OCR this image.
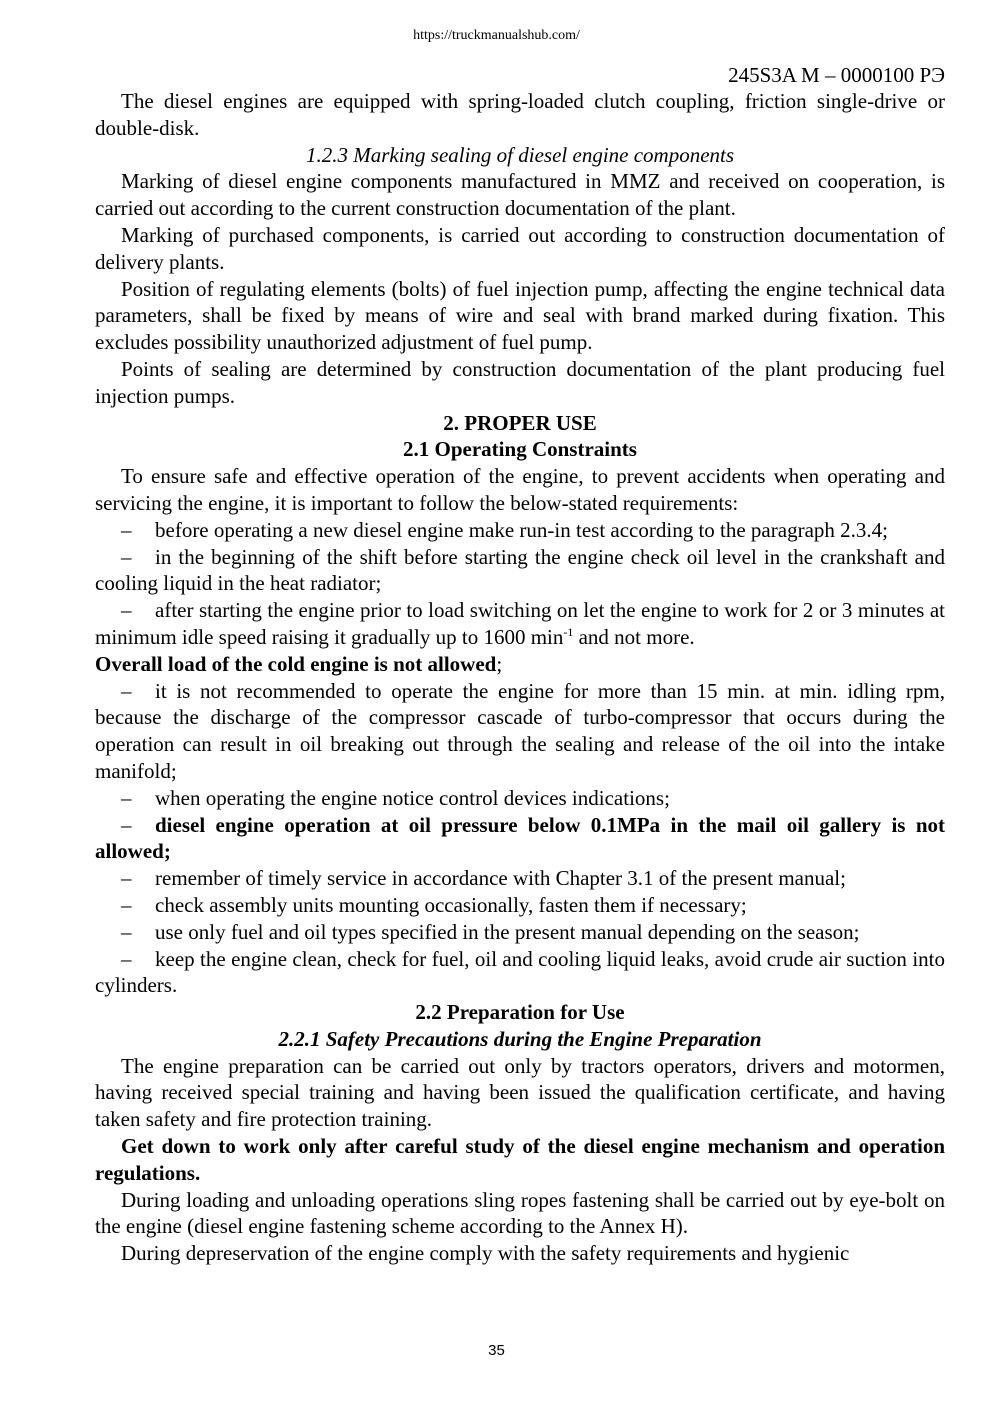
https://truckmanualshub.com/
245S3A M – 0000100 РЭ

The diesel engines are equipped with spring-loaded clutch coupling, friction single-drive or double-disk.

1.2.3 Marking sealing of diesel engine components

Marking of diesel engine components manufactured in MMZ and received on cooperation, is carried out according to the current construction documentation of the plant.

Marking of purchased components, is carried out according to construction documentation of delivery plants.

Position of regulating elements (bolts) of fuel injection pump, affecting the engine technical data parameters, shall be fixed by means of wire and seal with brand marked during fixation. This excludes possibility unauthorized adjustment of fuel pump.

Points of sealing are determined by construction documentation of the plant producing fuel injection pumps.

2. PROPER USE

2.1 Operating Constraints

To ensure safe and effective operation of the engine, to prevent accidents when operating and servicing the engine, it is important to follow the below-stated requirements:

– before operating a new diesel engine make run-in test according to the paragraph 2.3.4;

– in the beginning of the shift before starting the engine check oil level in the crankshaft and cooling liquid in the heat radiator;

– after starting the engine prior to load switching on let the engine to work for 2 or 3 minutes at minimum idle speed raising it gradually up to 1600 $\min^{-1}$ and not more.

Overall load of the cold engine is not allowed;

– it is not recommended to operate the engine for more than 15 min. at min. idling rpm, because the discharge of the compressor cascade of turbo-compressor that occurs during the operation can result in oil breaking out through the sealing and release of the oil into the intake manifold;

– when operating the engine notice control devices indications;

– diesel engine operation at oil pressure below 0.1MPa in the mail oil gallery is not allowed;

– remember of timely service in accordance with Chapter 3.1 of the present manual;

– check assembly units mounting occasionally, fasten them if necessary;

– use only fuel and oil types specified in the present manual depending on the season;

– keep the engine clean, check for fuel, oil and cooling liquid leaks, avoid crude air suction into cylinders.

2.2 Preparation for Use

2.2.1 Safety Precautions during the Engine Preparation

The engine preparation can be carried out only by tractors operators, drivers and motormen, having received special training and having been issued the qualification certificate, and having taken safety and fire protection training.

Get down to work only after careful study of the diesel engine mechanism and operation regulations.

During loading and unloading operations sling ropes fastening shall be carried out by eye-bolt on the engine (diesel engine fastening scheme according to the Annex H).

During depreservation of the engine comply with the safety requirements and hygienic

35
